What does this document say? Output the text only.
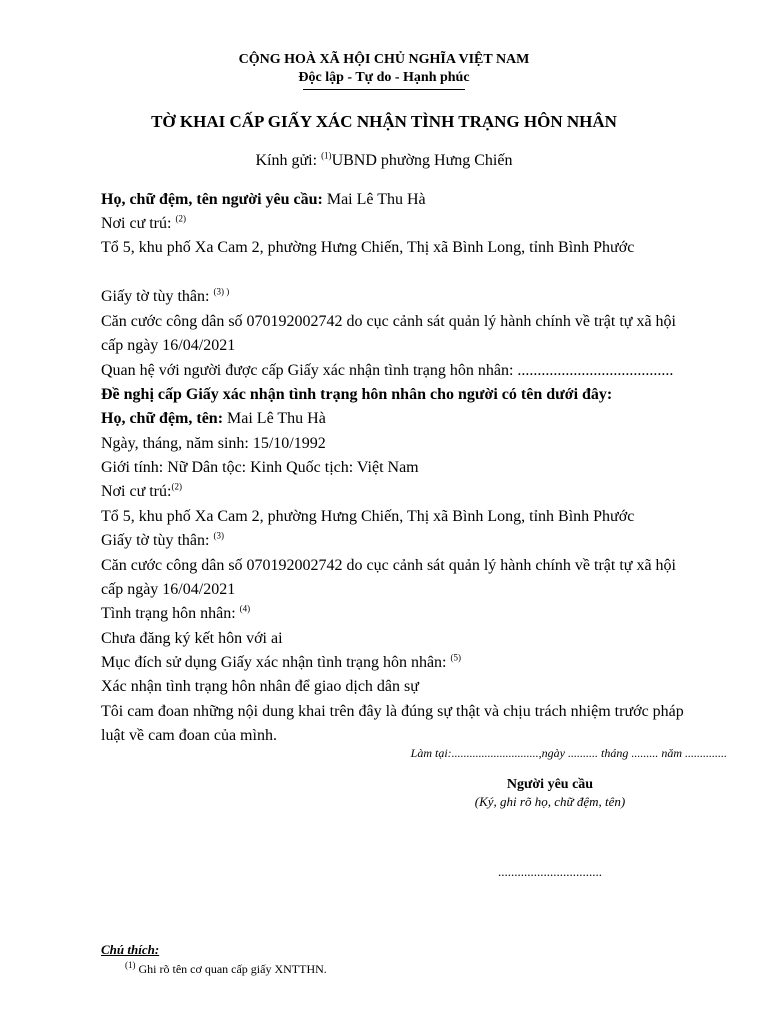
CỘNG HOÀ XÃ HỘI CHỦ NGHĨA VIỆT NAM
Độc lập - Tự do - Hạnh phúc
TỜ KHAI CẤP GIẤY XÁC NHẬN TÌNH TRẠNG HÔN NHÂN
Kính gửi: $^{(1)}$UBND phường Hưng Chiến
Họ, chữ đệm, tên người yêu cầu: Mai Lê Thu Hà
Nơi cư trú: $^{(2)}$
Tổ 5, khu phố Xa Cam 2, phường Hưng Chiến, Thị xã Bình Long, tỉnh Bình Phước
Giấy tờ tùy thân: $^{(3) )}$
Căn cước công dân số 070192002742 do cục cảnh sát quản lý hành chính về trật tự xã hội
cấp ngày 16/04/2021
Quan hệ với người được cấp Giấy xác nhận tình trạng hôn nhân: .......................................
Đề nghị cấp Giấy xác nhận tình trạng hôn nhân cho người có tên dưới đây:
Họ, chữ đệm, tên: Mai Lê Thu Hà
Ngày, tháng, năm sinh: 15/10/1992
Giới tính: Nữ Dân tộc: Kinh Quốc tịch: Việt Nam
Nơi cư trú:$^{(2)}$
Tổ 5, khu phố Xa Cam 2, phường Hưng Chiến, Thị xã Bình Long, tỉnh Bình Phước
Giấy tờ tùy thân: $^{(3)}$
Căn cước công dân số 070192002742 do cục cảnh sát quản lý hành chính về trật tự xã hội
cấp ngày 16/04/2021
Tình trạng hôn nhân: $^{(4)}$
Chưa đăng ký kết hôn với ai
Mục đích sử dụng Giấy xác nhận tình trạng hôn nhân: $^{(5)}$
Xác nhận tình trạng hôn nhân để giao dịch dân sự
Tôi cam đoan những nội dung khai trên đây là đúng sự thật và chịu trách nhiệm trước pháp
luật về cam đoan của mình.
Làm tại:.............................,ngày .......... tháng ......... năm ..............
Người yêu cầu
(Ký, ghi rõ họ, chữ đệm, tên)
................................
Chú thích:
$^{(1)}$ Ghi rõ tên cơ quan cấp giấy XNTTHN.
